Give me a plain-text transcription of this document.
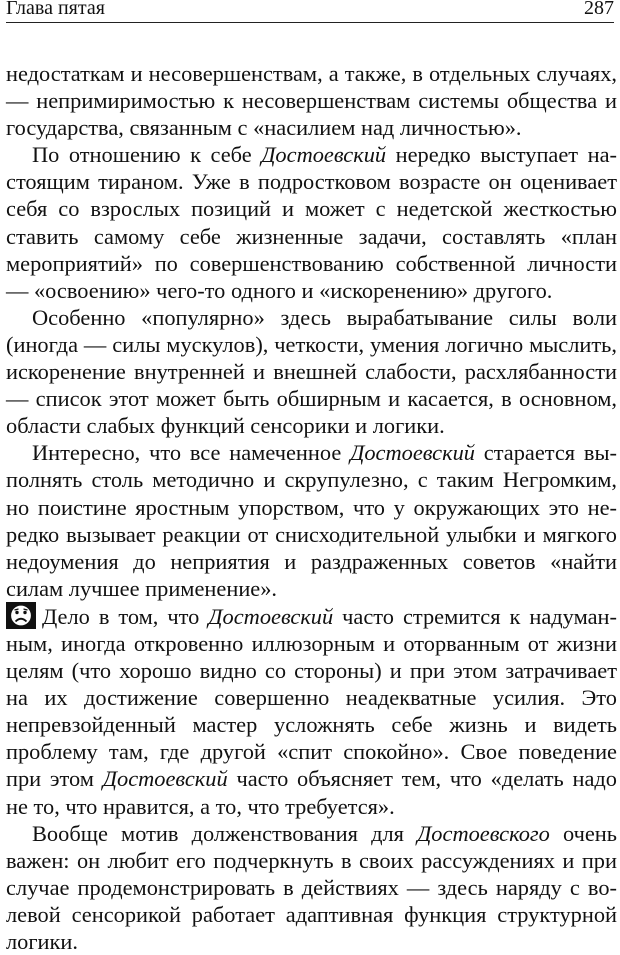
Глава пятая	287

недостаткам и несовершенствам, а также, в отдельных случаях, — непримиримостью к несовершенствам системы общества и государства, связанным с «насилием над личностью».

По отношению к себе Достоевский нередко выступает настоящим тираном. Уже в подростковом возрасте он оценивает себя со взрослых позиций и может с недетской жесткостью ставить самому себе жизненные задачи, составлять «план мероприятий» по совершенствованию собственной личности — «освоению» чего-то одного и «искоренению» другого.

Особенно «популярно» здесь вырабатывание силы воли (иногда — силы мускулов), четкости, умения логично мыслить, искоренение внутренней и внешней слабости, расхлябанности — список этот может быть обширным и касается, в основном, области слабых функций сенсорики и логики.

Интересно, что все намеченное Достоевский старается выполнять столь методично и скрупулезно, с таким Негромким, но поистине яростным упорством, что у окружающих это нередко вызывает реакции от снисходительной улыбки и мягкого недоумения до неприятия и раздраженных советов «найти силам лучшее применение».

Дело в том, что Достоевский часто стремится к надуманным, иногда откровенно иллюзорным и оторванным от жизни целям (что хорошо видно со стороны) и при этом затрачивает на их достижение совершенно неадекватные усилия. Это непревзойденный мастер усложнять себе жизнь и видеть проблему там, где другой «спит спокойно». Свое поведение при этом Достоевский часто объясняет тем, что «делать надо не то, что нравится, а то, что требуется».

Вообще мотив долженствования для Достоевского очень важен: он любит его подчеркнуть в своих рассуждениях и при случае продемонстрировать в действиях — здесь наряду с волевой сенсорикой работает адаптивная функция структурной логики.
